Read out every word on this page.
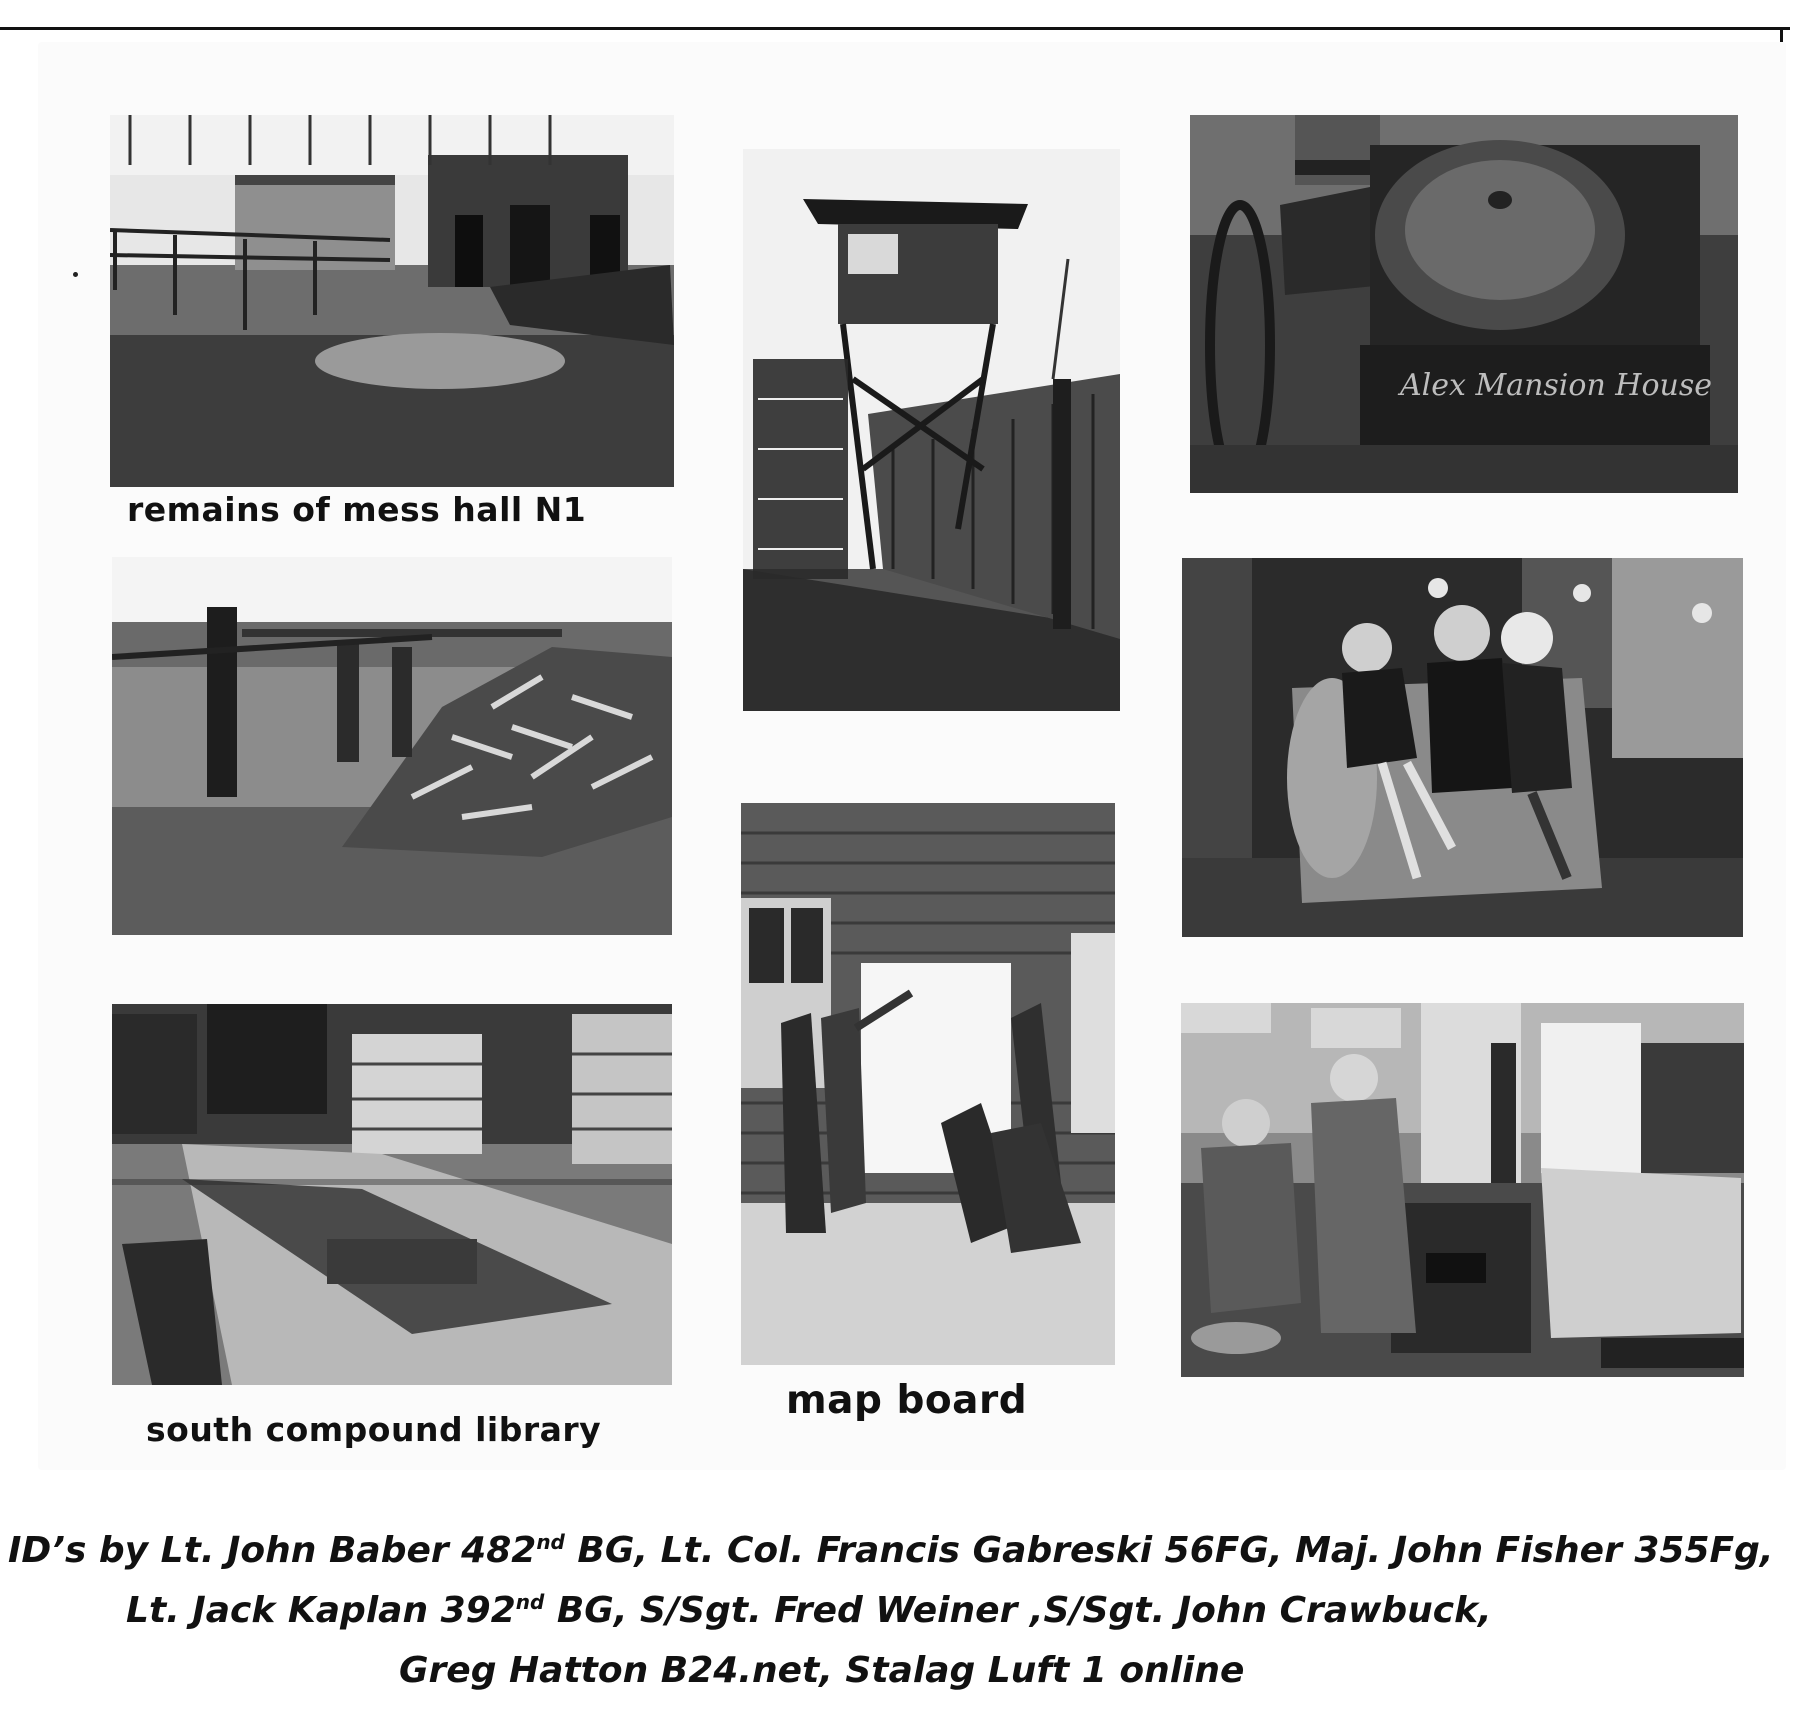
Alex Mansion House
remains of mess hall N1
south compound library
map board
ID’s by Lt. John Baber 482nd BG, Lt. Col. Francis Gabreski 56FG, Maj. John Fisher 355Fg,
Lt. Jack Kaplan 392nd BG, S/Sgt. Fred Weiner ,S/Sgt. John Crawbuck,
Greg Hatton B24.net, Stalag Luft 1 online
